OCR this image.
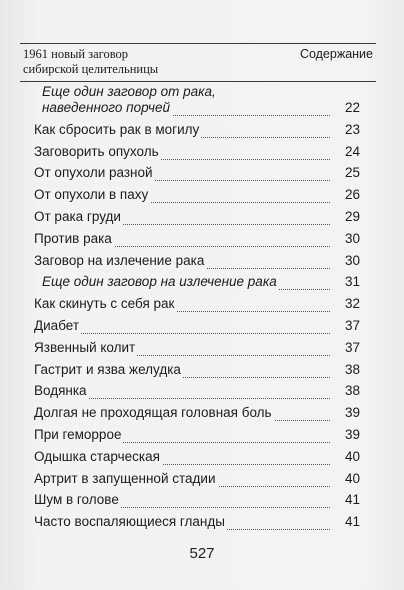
1961 новый заговор
сибирской целительницы
Содержание
Еще один заговор от рака,
наведенного порчей	22
Как сбросить рак в могилу	23
Заговорить опухоль	24
От опухоли разной	25
От опухоли в паху	26
От рака груди	29
Против рака	30
Заговор на излечение рака	30
Еще один заговор на излечение рака	31
Как скинуть с себя рак	32
Диабет	37
Язвенный колит	37
Гастрит и язва желудка	38
Водянка	38
Долгая не проходящая головная боль	39
При геморрое	39
Одышка старческая	40
Артрит в запущенной стадии	40
Шум в голове	41
Часто воспаляющиеся гланды	41
527
